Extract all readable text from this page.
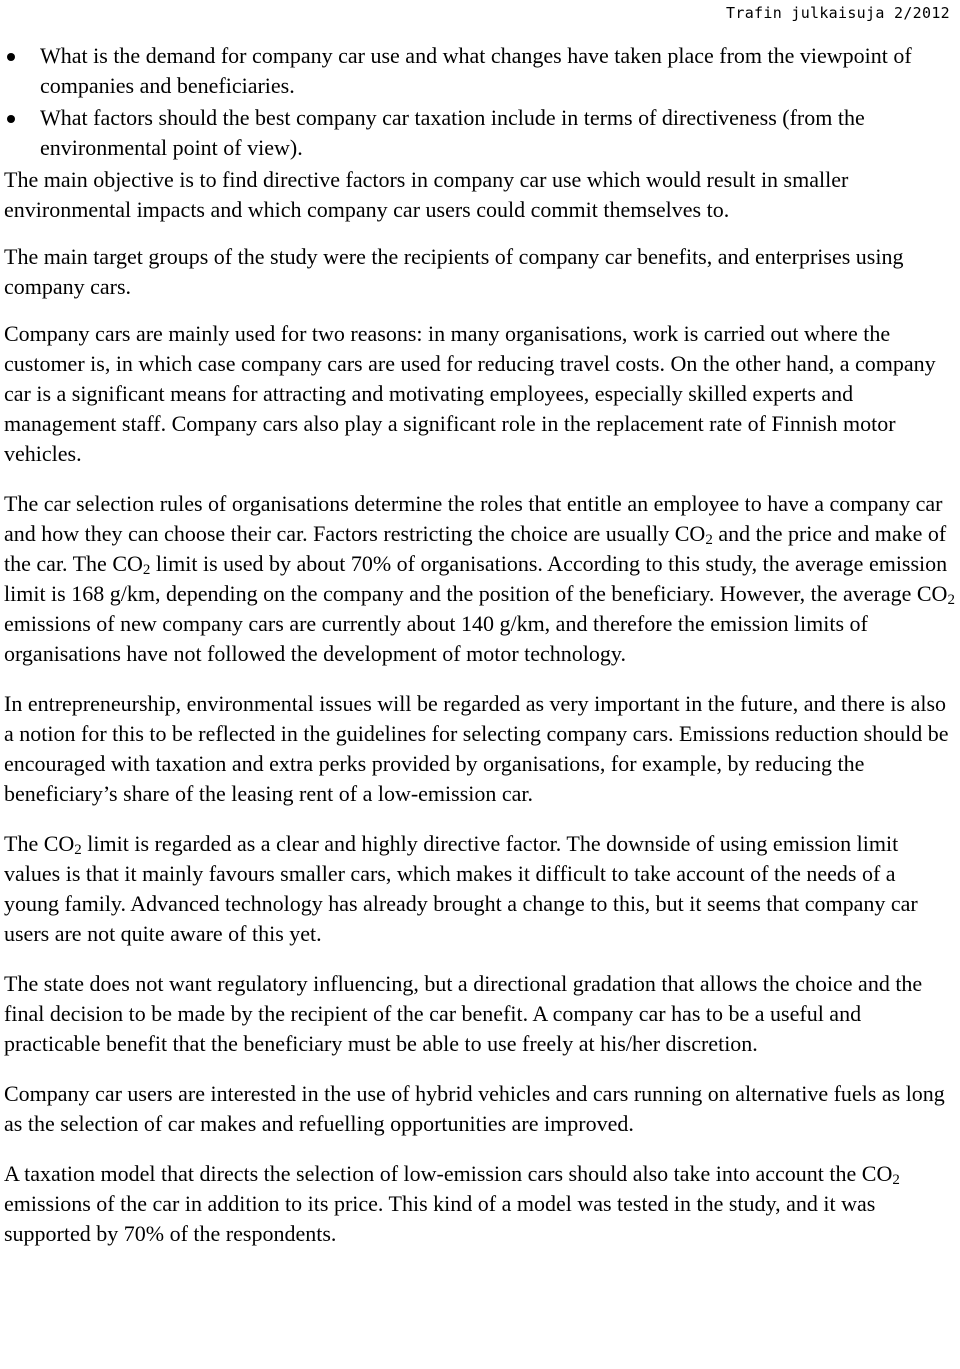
Trafin julkaisuja 2/2012
What is the demand for company car use and what changes have taken place from the viewpoint of companies and beneficiaries.
What factors should the best company car taxation include in terms of directiveness (from the environmental point of view).

The main objective is to find directive factors in company car use which would result in smaller environmental impacts and which company car users could commit themselves to.

The main target groups of the study were the recipients of company car benefits, and enterprises using company cars.

Company cars are mainly used for two reasons: in many organisations, work is carried out where the customer is, in which case company cars are used for reducing travel costs. On the other hand, a company car is a significant means for attracting and motivating employees, especially skilled experts and management staff. Company cars also play a significant role in the replacement rate of Finnish motor vehicles.

The car selection rules of organisations determine the roles that entitle an employee to have a company car and how they can choose their car. Factors restricting the choice are usually $CO_2$ and the price and make of the car. The $CO_2$ limit is used by about 70% of organisations. According to this study, the average emission limit is 168 g/km, depending on the company and the position of the beneficiary. However, the average $CO_2$ emissions of new company cars are currently about 140 g/km, and therefore the emission limits of organisations have not followed the development of motor technology.

In entrepreneurship, environmental issues will be regarded as very important in the future, and there is also a notion for this to be reflected in the guidelines for selecting company cars. Emissions reduction should be encouraged with taxation and extra perks provided by organisations, for example, by reducing the beneficiary’s share of the leasing rent of a low-emission car.

The $CO_2$ limit is regarded as a clear and highly directive factor. The downside of using emission limit values is that it mainly favours smaller cars, which makes it difficult to take account of the needs of a young family. Advanced technology has already brought a change to this, but it seems that company car users are not quite aware of this yet.

The state does not want regulatory influencing, but a directional gradation that allows the choice and the final decision to be made by the recipient of the car benefit. A company car has to be a useful and practicable benefit that the beneficiary must be able to use freely at his/her discretion.

Company car users are interested in the use of hybrid vehicles and cars running on alternative fuels as long as the selection of car makes and refuelling opportunities are improved.

A taxation model that directs the selection of low-emission cars should also take into account the $CO_2$ emissions of the car in addition to its price. This kind of a model was tested in the study, and it was supported by 70% of the respondents.
